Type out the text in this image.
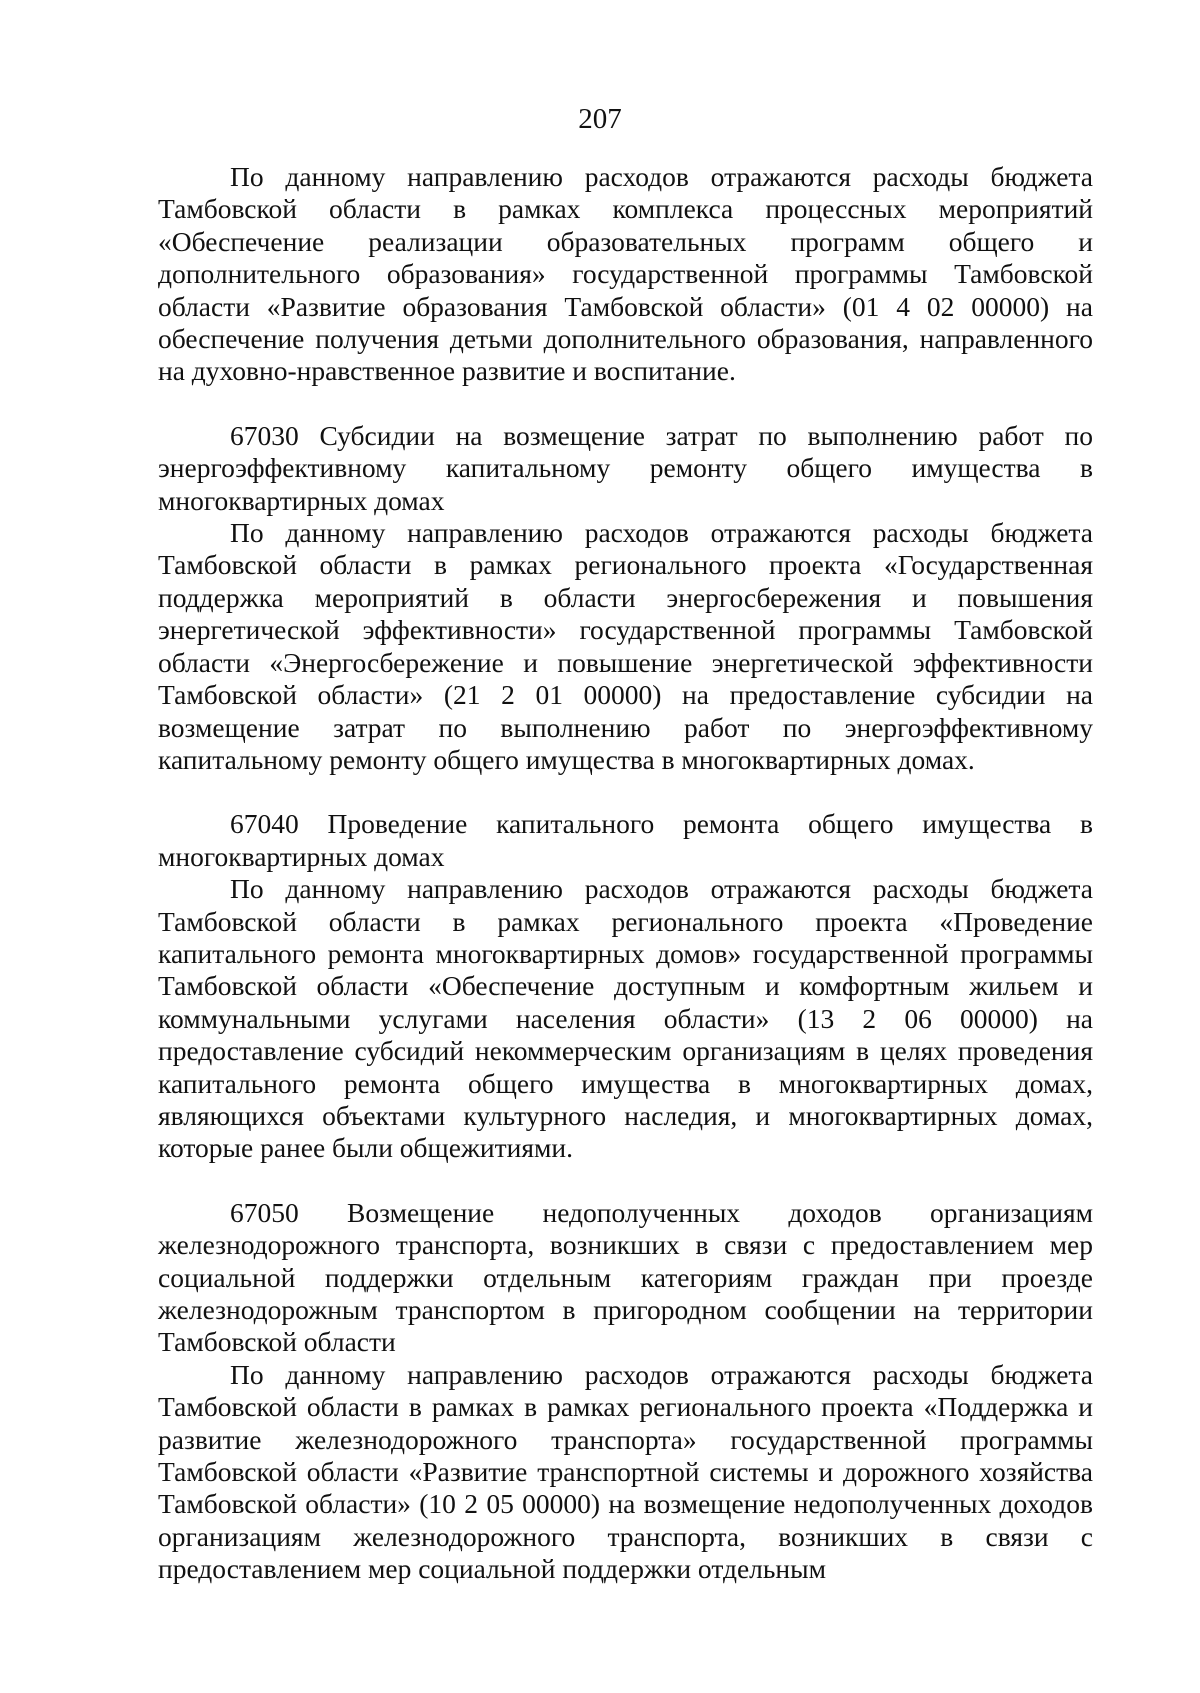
207

По данному направлению расходов отражаются расходы бюджета Тамбовской области в рамках комплекса процессных мероприятий «Обеспечение реализации образовательных программ общего и дополнительного образования» государственной программы Тамбовской области «Развитие образования Тамбовской области» (01 4 02 00000) на обеспечение получения детьми дополнительного образования, направленного на духовно-нравственное развитие и воспитание.

67030 Субсидии на возмещение затрат по выполнению работ по энергоэффективному капитальному ремонту общего имущества в многоквартирных домах

По данному направлению расходов отражаются расходы бюджета Тамбовской области в рамках регионального проекта «Государственная поддержка мероприятий в области энергосбережения и повышения энергетической эффективности» государственной программы Тамбовской области «Энергосбережение и повышение энергетической эффективности Тамбовской области» (21 2 01 00000) на предоставление субсидии на возмещение затрат по выполнению работ по энергоэффективному капитальному ремонту общего имущества в многоквартирных домах.

67040 Проведение капитального ремонта общего имущества в многоквартирных домах

По данному направлению расходов отражаются расходы бюджета Тамбовской области в рамках регионального проекта «Проведение капитального ремонта многоквартирных домов» государственной программы Тамбовской области «Обеспечение доступным и комфортным жильем и коммунальными услугами населения области» (13 2 06 00000) на предоставление субсидий некоммерческим организациям в целях проведения капитального ремонта общего имущества в многоквартирных домах, являющихся объектами культурного наследия, и многоквартирных домах, которые ранее были общежитиями.

67050 Возмещение недополученных доходов организациям железнодорожного транспорта, возникших в связи с предоставлением мер социальной поддержки отдельным категориям граждан при проезде железнодорожным транспортом в пригородном сообщении на территории Тамбовской области

По данному направлению расходов отражаются расходы бюджета Тамбовской области в рамках в рамках регионального проекта «Поддержка и развитие железнодорожного транспорта» государственной программы Тамбовской области «Развитие транспортной системы и дорожного хозяйства Тамбовской области» (10 2 05 00000) на возмещение недополученных доходов организациям железнодорожного транспорта, возникших в связи с предоставлением мер социальной поддержки отдельным
